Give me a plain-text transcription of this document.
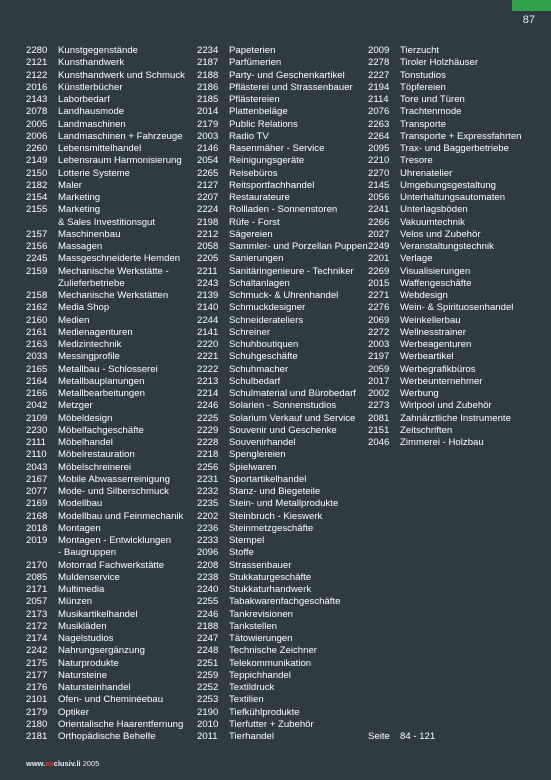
87
2280	Kunstgegenstände
2121	Kunsthandwerk
2122	Kunsthandwerk und Schmuck
2016	Künstlerbücher
2143	Laborbedarf
2078	Landhausmode
2005	Landmaschinen
2006	Landmaschinen + Fahrzeuge
2260	Lebensmittelhandel
2149	Lebensraum Harmonisierung
2150	Lotterie Systeme
2182	Maler
2154	Marketing
2155	Marketing
& Sales Investitionsgut
2157	Maschinenbau
2156	Massagen
2245	Massgeschneiderte Hemden
2159	Mechanische Werkstätte -
Zulieferbetriebe
2158	Mechanische Werkstätten
2162	Media Shop
2160	Medien
2161	Medienagenturen
2163	Medizintechnik
2033	Messingprofile
2165	Metallbau - Schlosserei
2164	Metallbauplanungen
2166	Metallbearbeitungen
2042	Metzger
2109	Möbeldesign
2230	Möbelfachgeschäfte
2111	Möbelhandel
2110	Möbelrestauration
2043	Möbelschreinerei
2167	Mobile Abwasserreinigung
2077	Mode- und Silberschmuck
2169	Modellbau
2168	Modellbau und Feinmechanik
2018	Montagen
2019	Montagen - Entwicklungen
- Baugruppen
2170	Motorrad Fachwerkstätte
2085	Muldenservice
2171	Multimedia
2057	Münzen
2173	Musikartikelhandel
2172	Musikläden
2174	Nagelstudios
2242	Nahrungsergänzung
2175	Naturprodukte
2177	Natursteine
2176	Natursteinhandel
2101	Ofen- und Cheminéebau
2179	Optiker
2180	Orientalische Haarentfernung
2181	Orthopädische Behelfe
2234	Papeterien
2187	Parfümerien
2188	Party- und Geschenkartikel
2186	Pflästerei und Strassenbauer
2185	Pflästereien
2014	Plattenbeläge
2179	Public Relations
2003	Radio TV
2146	Rasenmäher - Service
2054	Reinigungsgeräte
2265	Reisebüros
2127	Reitsportfachhandel
2207	Restaurateure
2224	Rollladen - Sonnenstoren
2198	Rüfe - Forst
2212	Sägereien
2058	Sammler- und Porzellan Puppen
2205	Sanierungen
2211	Sanitäringenieure - Techniker
2243	Schaltanlagen
2139	Schmuck- & Uhrenhandel
2140	Schmuckdesigner
2244	Schneiderateliers
2141	Schreiner
2220	Schuhboutiquen
2221	Schuhgeschäfte
2222	Schuhmacher
2213	Schulbedarf
2214	Schulmaterial und Bürobedarf
2246	Solarien - Sonnenstudios
2225	Solarium Verkauf und Service
2229	Souvenir und Geschenke
2228	Souvenirhandel
2218	Spenglereien
2256	Spielwaren
2231	Sportartikelhandel
2232	Stanz- und Biegeteile
2235	Stein- und Metallprodukte
2202	Steinbruch - Kieswerk
2236	Steinmetzgeschäfte
2233	Stempel
2096	Stoffe
2208	Strassenbauer
2238	Stukkaturgeschäfte
2240	Stukkaturhandwerk
2255	Tabakwarenfachgeschäfte
2246	Tankrevisionen
2188	Tankstellen
2247	Tätowierungen
2248	Technische Zeichner
2251	Telekommunikation
2259	Teppichhandel
2252	Textildruck
2253	Textilien
2190	Tiefkühlprodukte
2010	Tierfutter + Zubehör
2011	Tierhandel
2009	Tierzucht
2278	Tiroler Holzhäuser
2227	Tonstudios
2194	Töpfereien
2114	Tore und Türen
2076	Trachtenmode
2263	Transporte
2264	Transporte + Expressfahrten
2095	Trax- und Baggerbetriebe
2210	Tresore
2270	Uhrenatelier
2145	Umgebungsgestaltung
2056	Unterhaltungsautomaten
2241	Unterlagsböden
2266	Vakuumtechnik
2027	Velos und Zubehör
2249	Veranstaltungstechnik
2201	Verlage
2269	Visualisierungen
2015	Waffengeschäfte
2271	Webdesign
2276	Wein- & Spirituosenhandel
2069	Weinkellerbau
2272	Wellnesstrainer
2003	Werbeagenturen
2197	Werbeartikel
2059	Werbegrafikbüros
2017	Werbeunternehmer
2002	Werbung
2273	Wirlpool und Zubehör
2081	Zahnärztliche Instrumente
2151	Zeitschriften
2046	Zimmerei - Holzbau
Seite	84 - 121
www.exclusiv.li 2005
